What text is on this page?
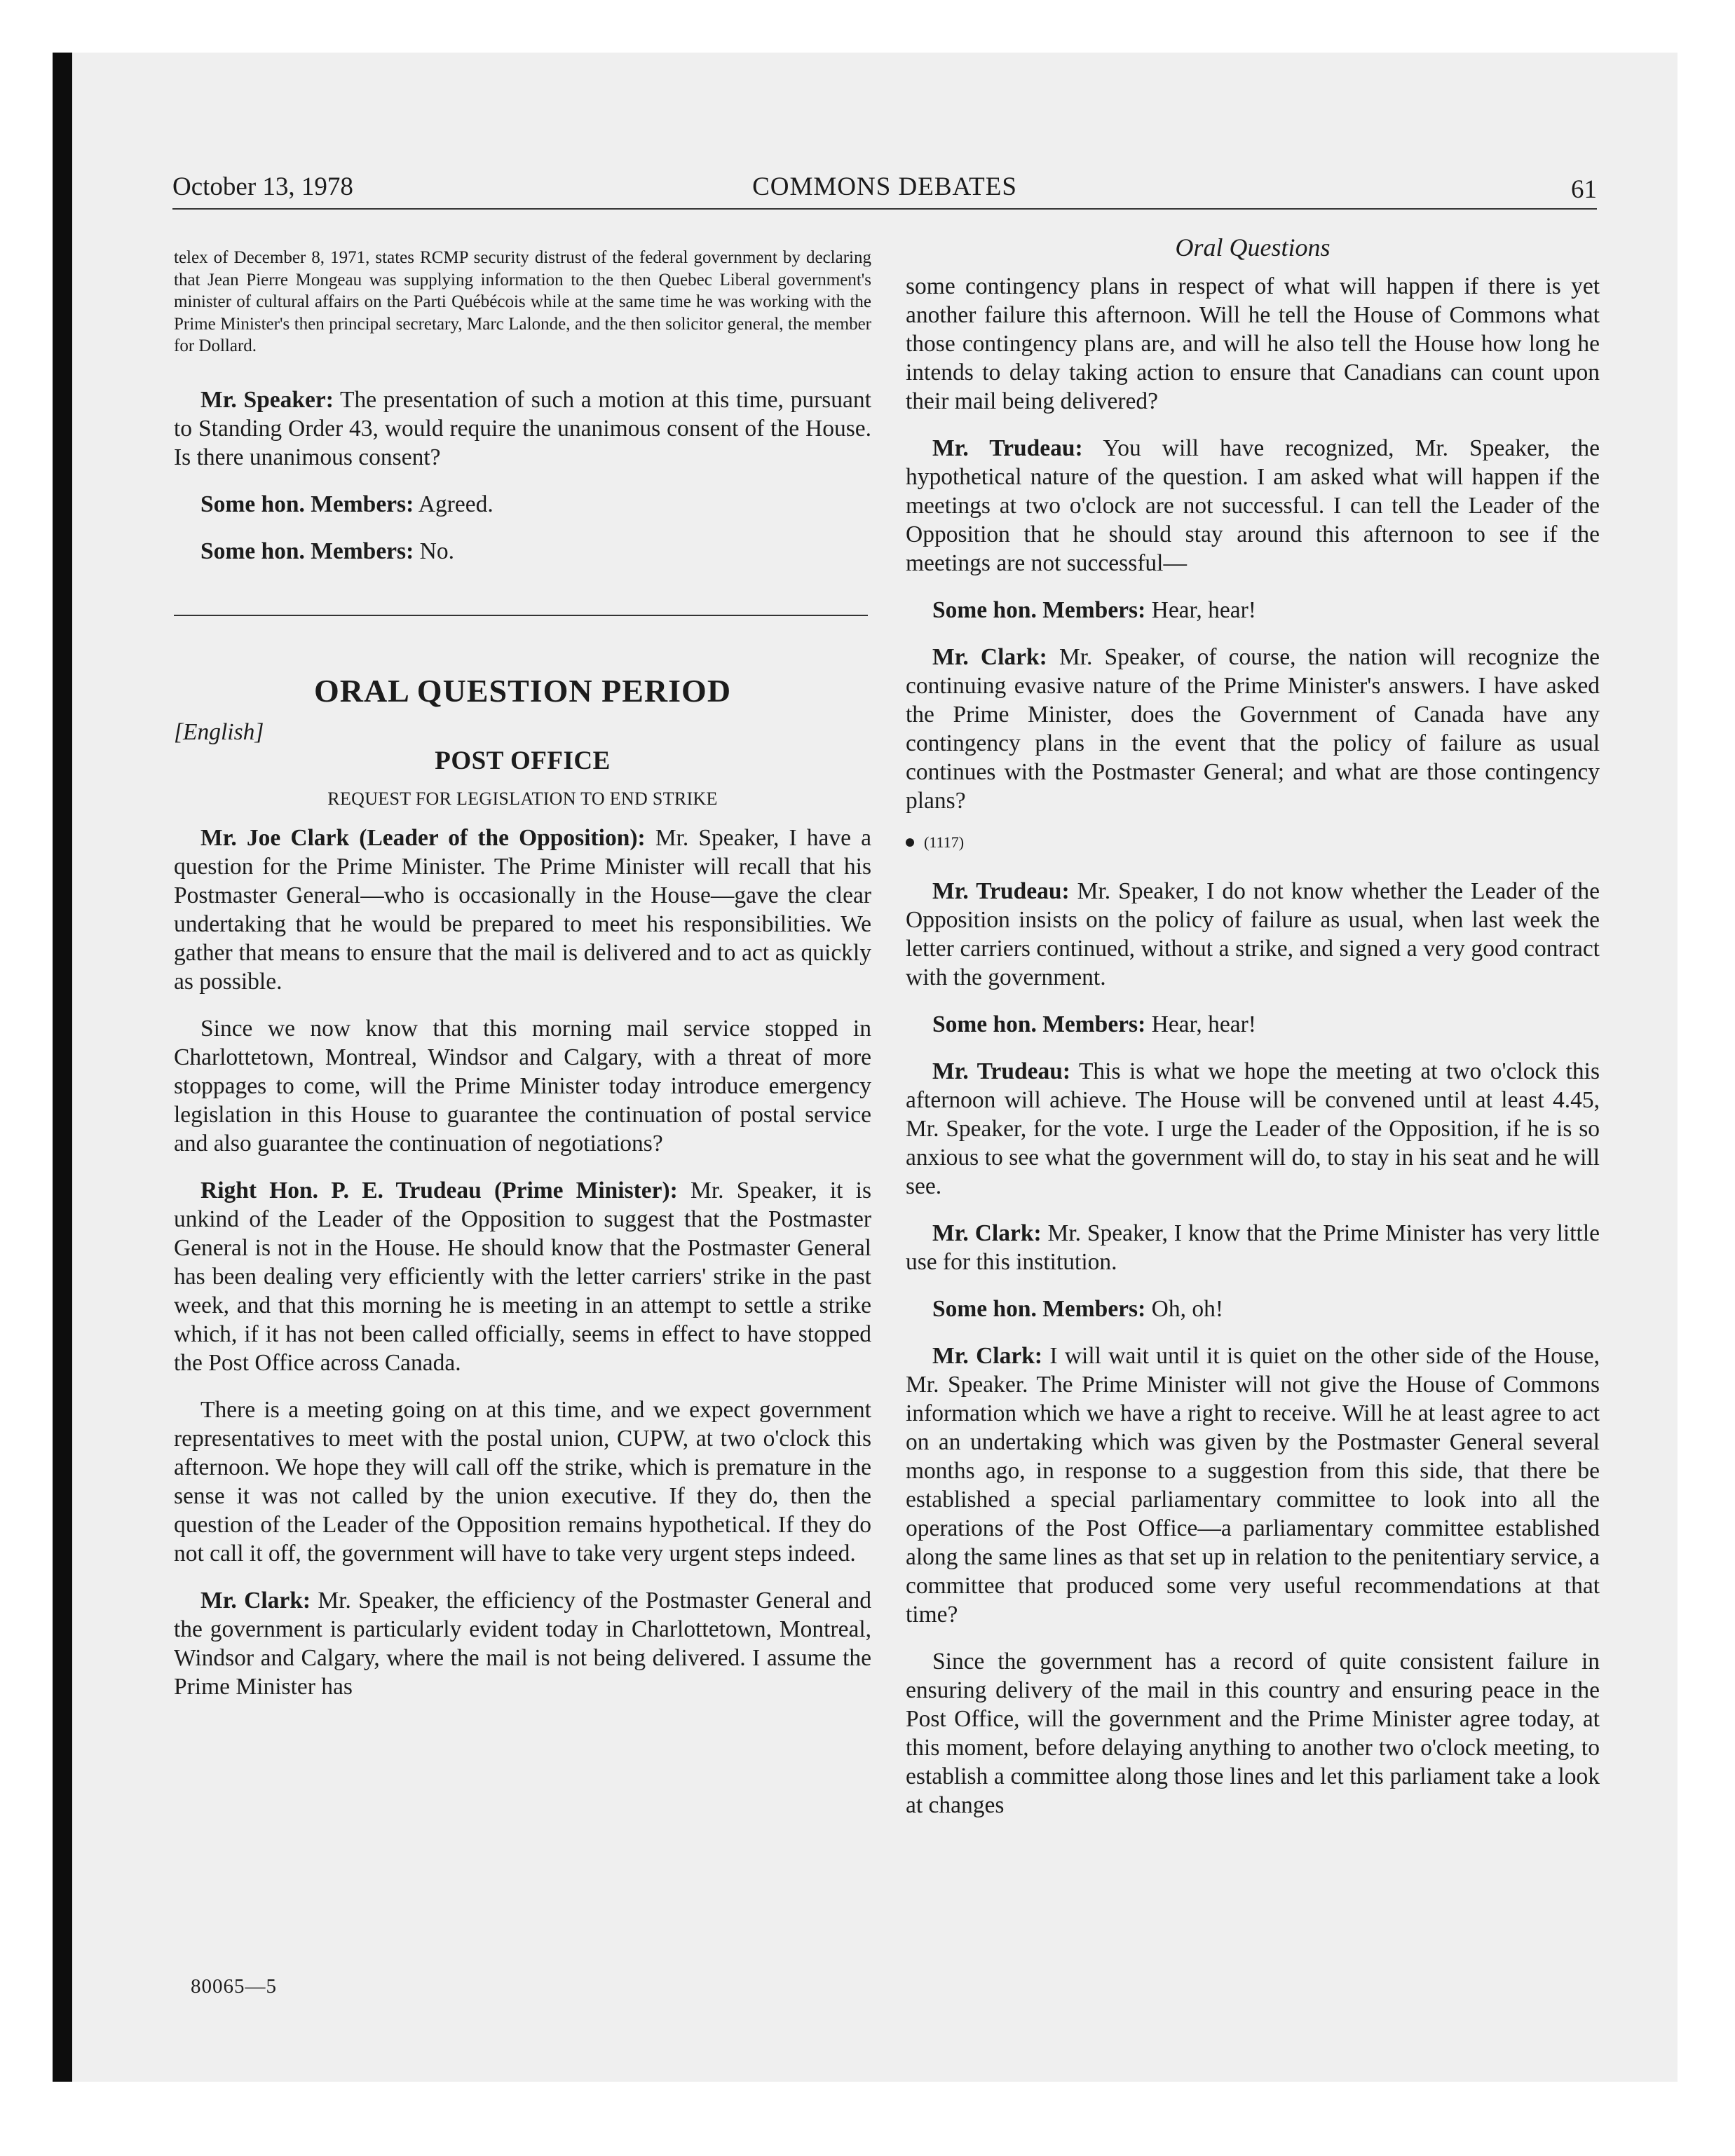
October 13, 1978	COMMONS DEBATES	61

telex of December 8, 1971, states RCMP security distrust of the federal government by declaring that Jean Pierre Mongeau was supplying information to the then Quebec Liberal government's minister of cultural affairs on the Parti Québécois while at the same time he was working with the Prime Minister's then principal secretary, Marc Lalonde, and the then solicitor general, the member for Dollard.

Mr. Speaker: The presentation of such a motion at this time, pursuant to Standing Order 43, would require the unanimous consent of the House. Is there unanimous consent?

Some hon. Members: Agreed.

Some hon. Members: No.

ORAL QUESTION PERIOD

[English]

POST OFFICE
REQUEST FOR LEGISLATION TO END STRIKE

Mr. Joe Clark (Leader of the Opposition): Mr. Speaker, I have a question for the Prime Minister. The Prime Minister will recall that his Postmaster General—who is occasionally in the House—gave the clear undertaking that he would be prepared to meet his responsibilities. We gather that means to ensure that the mail is delivered and to act as quickly as possible.

Since we now know that this morning mail service stopped in Charlottetown, Montreal, Windsor and Calgary, with a threat of more stoppages to come, will the Prime Minister today introduce emergency legislation in this House to guarantee the continuation of postal service and also guarantee the continuation of negotiations?

Right Hon. P. E. Trudeau (Prime Minister): Mr. Speaker, it is unkind of the Leader of the Opposition to suggest that the Postmaster General is not in the House. He should know that the Postmaster General has been dealing very efficiently with the letter carriers' strike in the past week, and that this morning he is meeting in an attempt to settle a strike which, if it has not been called officially, seems in effect to have stopped the Post Office across Canada.

There is a meeting going on at this time, and we expect government representatives to meet with the postal union, CUPW, at two o'clock this afternoon. We hope they will call off the strike, which is premature in the sense it was not called by the union executive. If they do, then the question of the Leader of the Opposition remains hypothetical. If they do not call it off, the government will have to take very urgent steps indeed.

Mr. Clark: Mr. Speaker, the efficiency of the Postmaster General and the government is particularly evident today in Charlottetown, Montreal, Windsor and Calgary, where the mail is not being delivered. I assume the Prime Minister has

Oral Questions

some contingency plans in respect of what will happen if there is yet another failure this afternoon. Will he tell the House of Commons what those contingency plans are, and will he also tell the House how long he intends to delay taking action to ensure that Canadians can count upon their mail being delivered?

Mr. Trudeau: You will have recognized, Mr. Speaker, the hypothetical nature of the question. I am asked what will happen if the meetings at two o'clock are not successful. I can tell the Leader of the Opposition that he should stay around this afternoon to see if the meetings are not successful—

Some hon. Members: Hear, hear!

Mr. Clark: Mr. Speaker, of course, the nation will recognize the continuing evasive nature of the Prime Minister's answers. I have asked the Prime Minister, does the Government of Canada have any contingency plans in the event that the policy of failure as usual continues with the Postmaster General; and what are those contingency plans?

(1117)

Mr. Trudeau: Mr. Speaker, I do not know whether the Leader of the Opposition insists on the policy of failure as usual, when last week the letter carriers continued, without a strike, and signed a very good contract with the government.

Some hon. Members: Hear, hear!

Mr. Trudeau: This is what we hope the meeting at two o'clock this afternoon will achieve. The House will be convened until at least 4.45, Mr. Speaker, for the vote. I urge the Leader of the Opposition, if he is so anxious to see what the government will do, to stay in his seat and he will see.

Mr. Clark: Mr. Speaker, I know that the Prime Minister has very little use for this institution.

Some hon. Members: Oh, oh!

Mr. Clark: I will wait until it is quiet on the other side of the House, Mr. Speaker. The Prime Minister will not give the House of Commons information which we have a right to receive. Will he at least agree to act on an undertaking which was given by the Postmaster General several months ago, in response to a suggestion from this side, that there be established a special parliamentary committee to look into all the operations of the Post Office—a parliamentary committee established along the same lines as that set up in relation to the penitentiary service, a committee that produced some very useful recommendations at that time?

Since the government has a record of quite consistent failure in ensuring delivery of the mail in this country and ensuring peace in the Post Office, will the government and the Prime Minister agree today, at this moment, before delaying anything to another two o'clock meeting, to establish a committee along those lines and let this parliament take a look at changes

80065—5
